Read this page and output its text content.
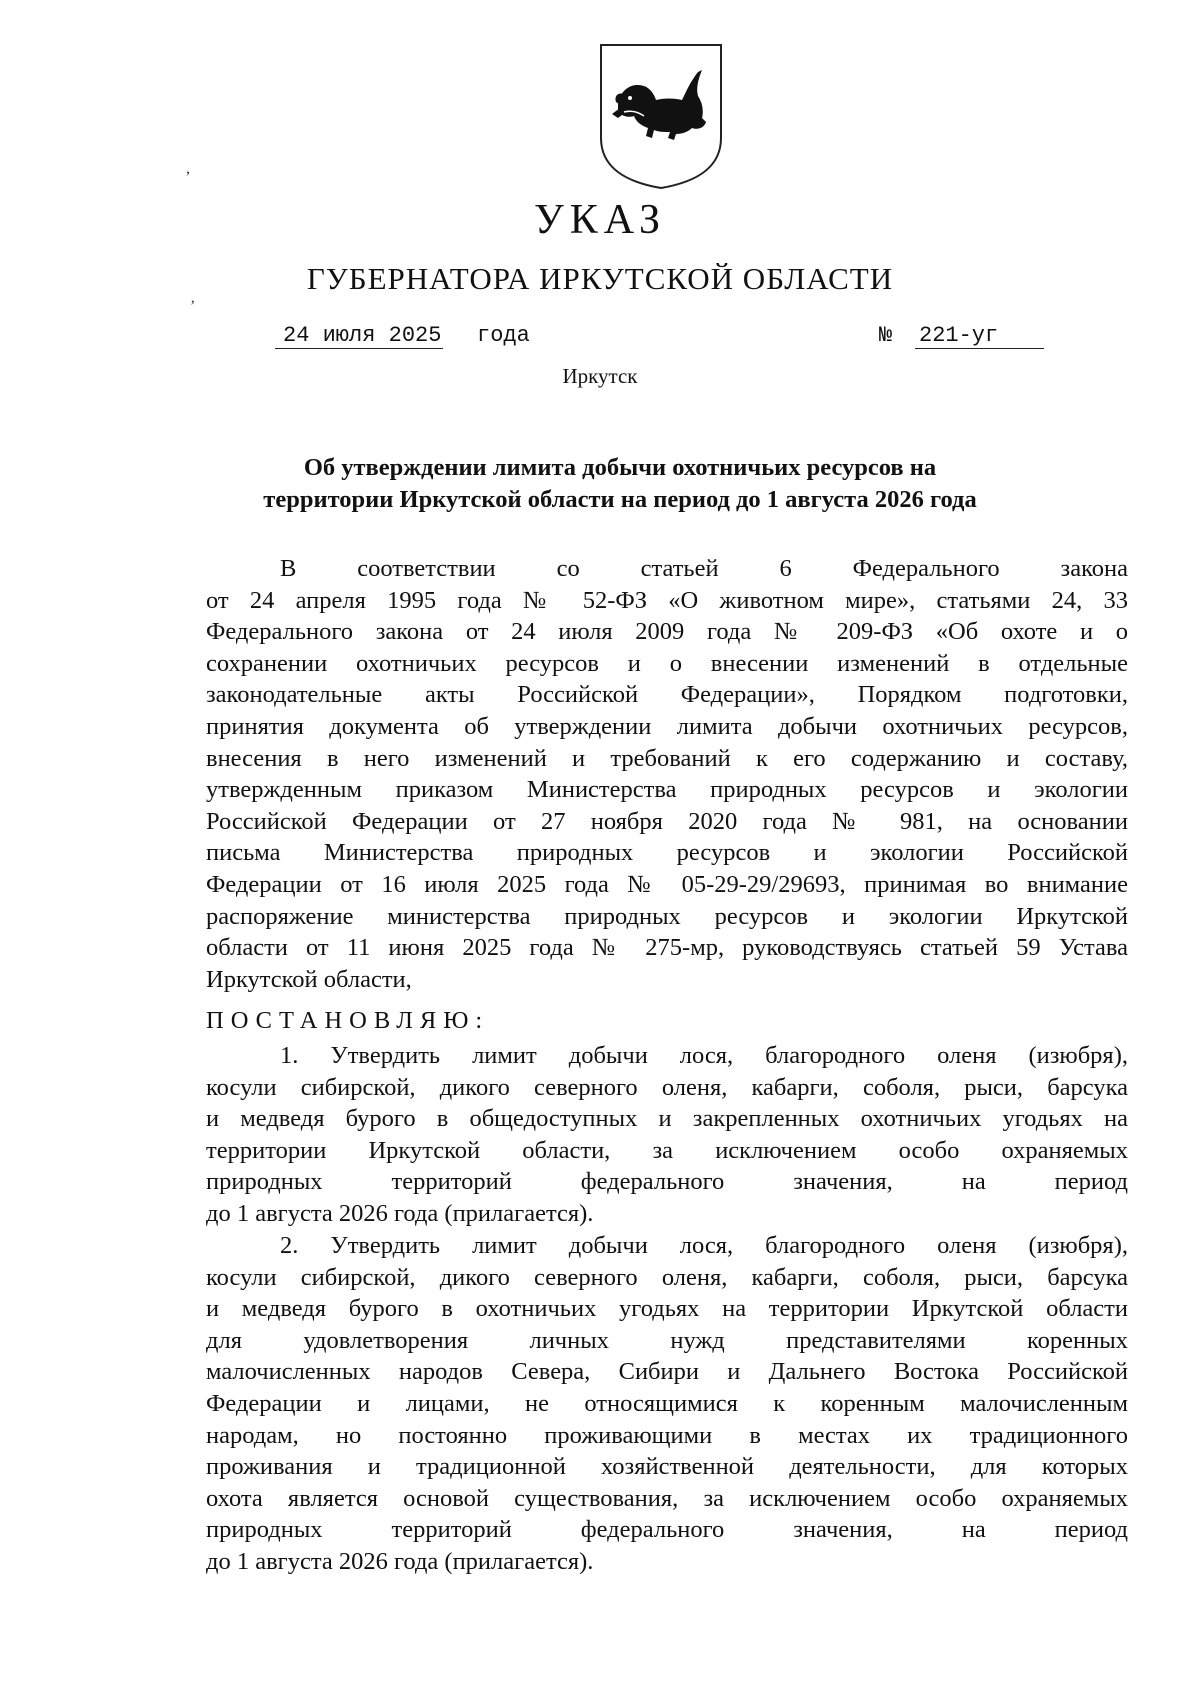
УКАЗ
ГУБЕРНАТОРА ИРКУТСКОЙ ОБЛАСТИ
,
ʼ
24 июля 2025 года	№ 221-уг
Иркутск
Об утверждении лимита добычи охотничьих ресурсов на
территории Иркутской области на период до 1 августа 2026 года
В соответствии со статьей 6 Федерального закона
от 24 апреля 1995 года № 52-ФЗ «О животном мире», статьями 24, 33
Федерального закона от 24 июля 2009 года № 209-ФЗ «Об охоте и о
сохранении охотничьих ресурсов и о внесении изменений в отдельные
законодательные акты Российской Федерации», Порядком подготовки,
принятия документа об утверждении лимита добычи охотничьих ресурсов,
внесения в него изменений и требований к его содержанию и составу,
утвержденным приказом Министерства природных ресурсов и экологии
Российской Федерации от 27 ноября 2020 года № 981, на основании
письма Министерства природных ресурсов и экологии Российской
Федерации от 16 июля 2025 года № 05-29-29/29693, принимая во внимание
распоряжение министерства природных ресурсов и экологии Иркутской
области от 11 июня 2025 года № 275-мр, руководствуясь статьей 59 Устава
Иркутской области,
ПОСТАНОВЛЯЮ:
1. Утвердить лимит добычи лося, благородного оленя (изюбря),
косули сибирской, дикого северного оленя, кабарги, соболя, рыси, барсука
и медведя бурого в общедоступных и закрепленных охотничьих угодьях на
территории Иркутской области, за исключением особо охраняемых
природных территорий федерального значения, на период
до 1 августа 2026 года (прилагается).
2. Утвердить лимит добычи лося, благородного оленя (изюбря),
косули сибирской, дикого северного оленя, кабарги, соболя, рыси, барсука
и медведя бурого в охотничьих угодьях на территории Иркутской области
для удовлетворения личных нужд представителями коренных
малочисленных народов Севера, Сибири и Дальнего Востока Российской
Федерации и лицами, не относящимися к коренным малочисленным
народам, но постоянно проживающими в местах их традиционного
проживания и традиционной хозяйственной деятельности, для которых
охота является основой существования, за исключением особо охраняемых
природных территорий федерального значения, на период
до 1 августа 2026 года (прилагается).
